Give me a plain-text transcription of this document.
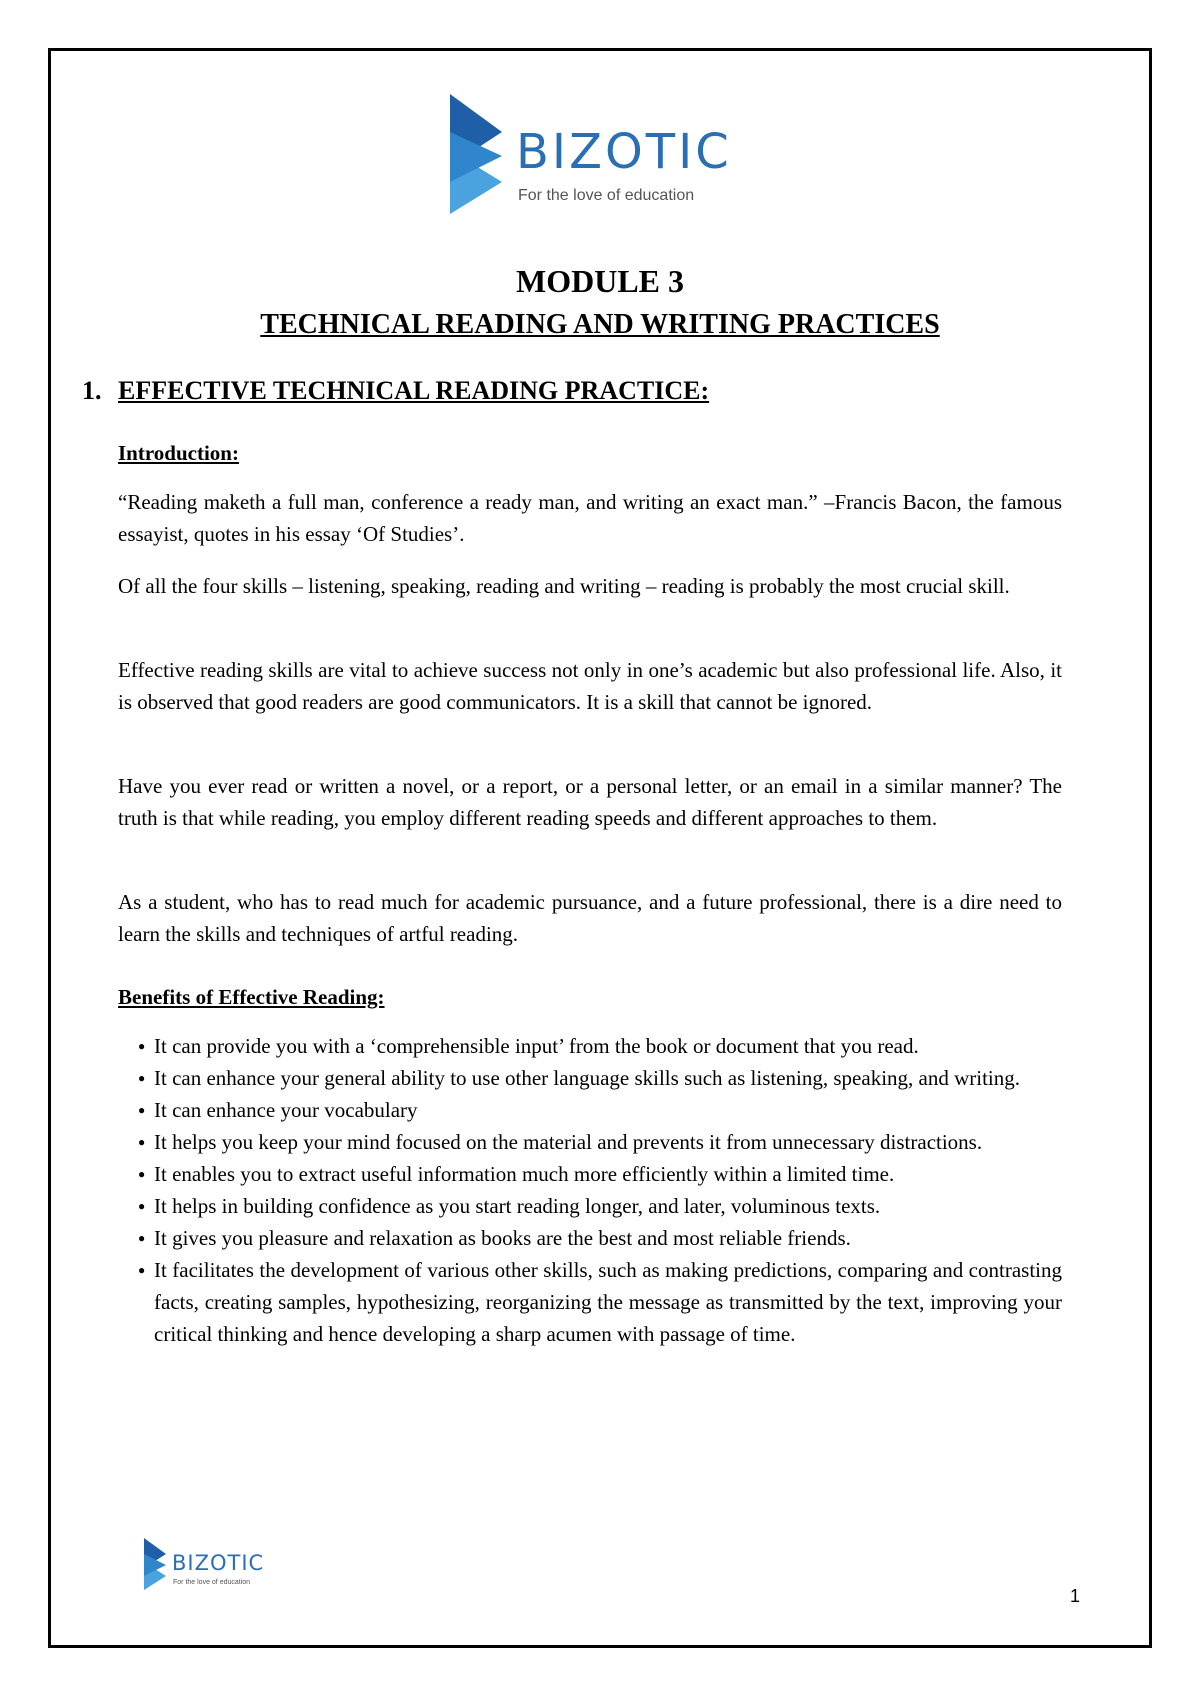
BIZOTIC
For the love of education
MODULE 3
TECHNICAL READING AND WRITING PRACTICES
1. EFFECTIVE TECHNICAL READING PRACTICE:
Introduction:

“Reading maketh a full man, conference a ready man, and writing an exact man.” –Francis Bacon, the famous essayist, quotes in his essay ‘Of Studies’.

Of all the four skills – listening, speaking, reading and writing – reading is probably the most crucial skill.

Effective reading skills are vital to achieve success not only in one’s academic but also professional life. Also, it is observed that good readers are good communicators. It is a skill that cannot be ignored.

Have you ever read or written a novel, or a report, or a personal letter, or an email in a similar manner? The truth is that while reading, you employ different reading speeds and different approaches to them.

As a student, who has to read much for academic pursuance, and a future professional, there is a dire need to learn the skills and techniques of artful reading.

Benefits of Effective Reading:
● It can provide you with a ‘comprehensible input’ from the book or document that you read.
● It can enhance your general ability to use other language skills such as listening, speaking, and writing.
● It can enhance your vocabulary
● It helps you keep your mind focused on the material and prevents it from unnecessary distractions.
● It enables you to extract useful information much more efficiently within a limited time.
● It helps in building confidence as you start reading longer, and later, voluminous texts.
● It gives you pleasure and relaxation as books are the best and most reliable friends.
● It facilitates the development of various other skills, such as making predictions, comparing and contrasting facts, creating samples, hypothesizing, reorganizing the message as transmitted by the text, improving your critical thinking and hence developing a sharp acumen with passage of time.
BIZOTIC
For the love of education
1
